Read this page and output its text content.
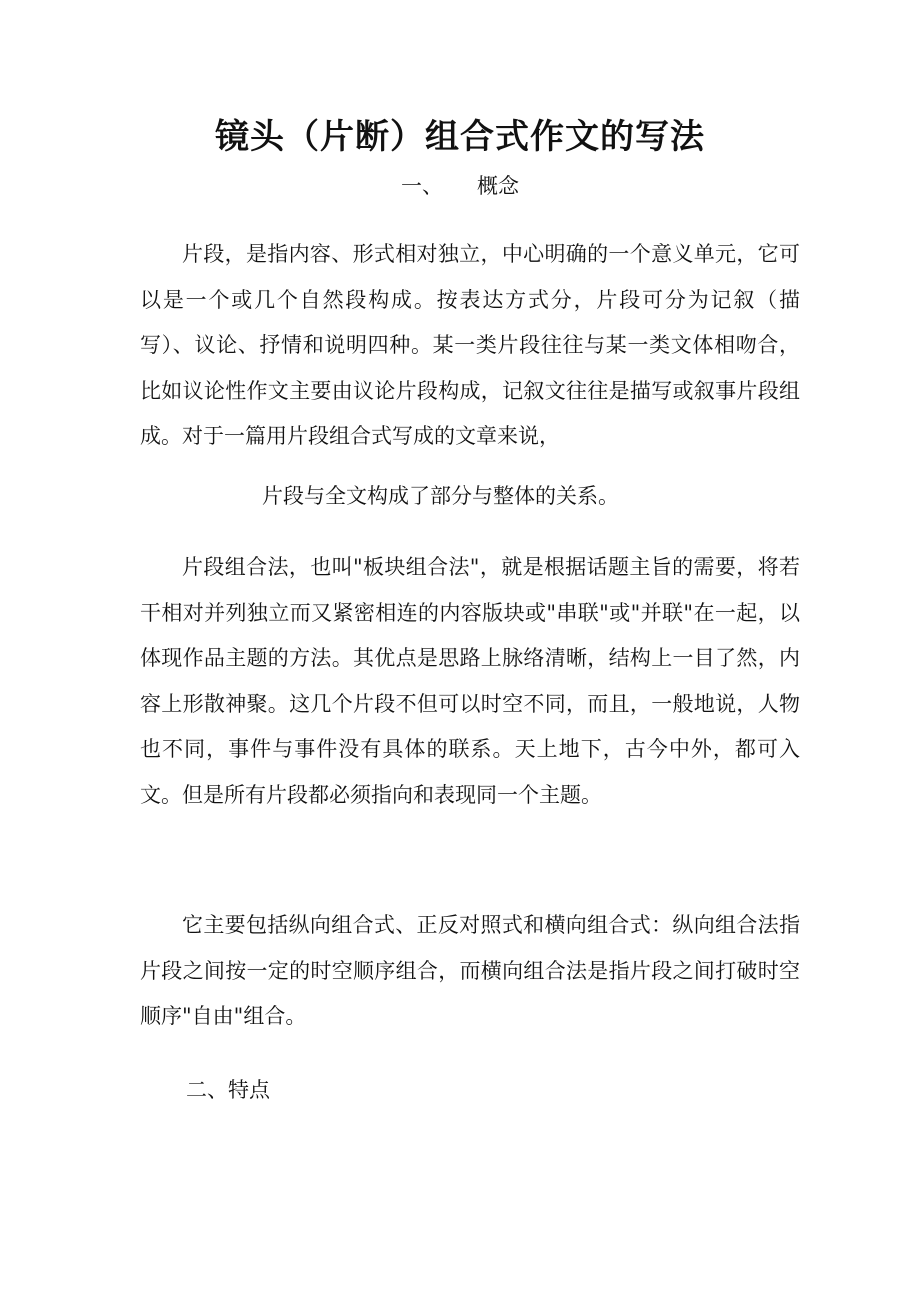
镜头（片断）组合式作文的写法
一、 概念

片段，是指内容、形式相对独立，中心明确的一个意义单元，它可以是一个或几个自然段构成。按表达方式分，片段可分为记叙（描写）、议论、抒情和说明四种。某一类片段往往与某一类文体相吻合，比如议论性作文主要由议论片段构成，记叙文往往是描写或叙事片段组成。对于一篇用片段组合式写成的文章来说，

片段与全文构成了部分与整体的关系。

片段组合法，也叫"板块组合法"，就是根据话题主旨的需要，将若干相对并列独立而又紧密相连的内容版块或"串联"或"并联"在一起，以体现作品主题的方法。其优点是思路上脉络清晰，结构上一目了然，内容上形散神聚。这几个片段不但可以时空不同，而且，一般地说，人物也不同，事件与事件没有具体的联系。天上地下，古今中外，都可入文。但是所有片段都必须指向和表现同一个主题。

它主要包括纵向组合式、正反对照式和横向组合式：纵向组合法指片段之间按一定的时空顺序组合，而横向组合法是指片段之间打破时空顺序"自由"组合。

二、特点
